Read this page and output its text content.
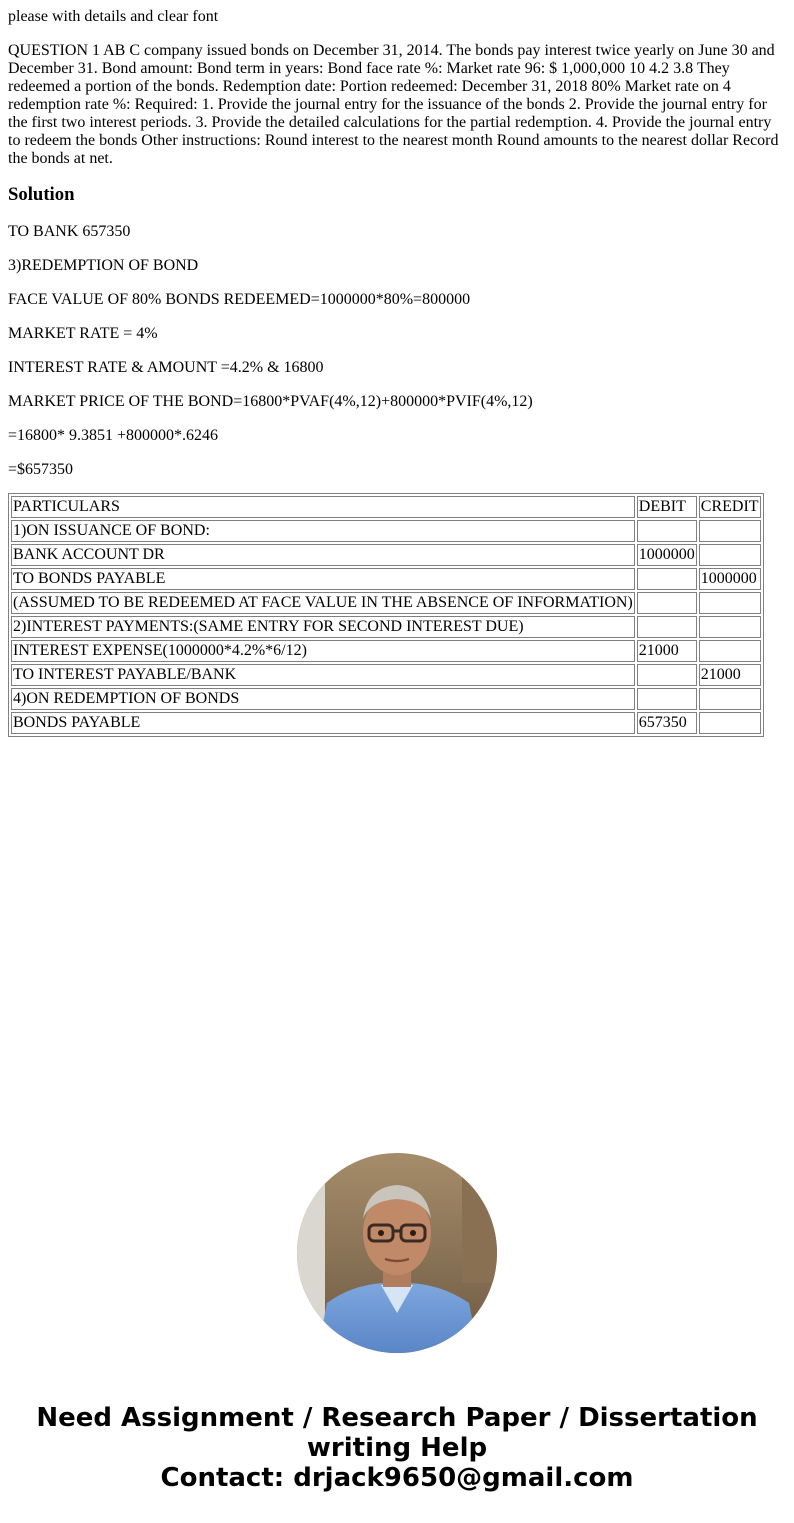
please with details and clear font

QUESTION 1 AB C company issued bonds on December 31, 2014. The bonds pay interest twice yearly on June 30 and December 31. Bond amount: Bond term in years: Bond face rate %: Market rate 96: $ 1,000,000 10 4.2 3.8 They redeemed a portion of the bonds. Redemption date: Portion redeemed: December 31, 2018 80% Market rate on 4 redemption rate %: Required: 1. Provide the journal entry for the issuance of the bonds 2. Provide the journal entry for the first two interest periods. 3. Provide the detailed calculations for the partial redemption. 4. Provide the journal entry to redeem the bonds Other instructions: Round interest to the nearest month Round amounts to the nearest dollar Record the bonds at net.

Solution

TO BANK 657350

3)REDEMPTION OF BOND

FACE VALUE OF 80% BONDS REDEEMED=1000000*80%=800000

MARKET RATE = 4%

INTEREST RATE & AMOUNT =4.2% & 16800

MARKET PRICE OF THE BOND=16800*PVAF(4%,12)+800000*PVIF(4%,12)

=16800* 9.3851 +800000*.6246

=$657350

PARTICULARS	DEBIT	CREDIT
1)ON ISSUANCE OF BOND:		
BANK ACCOUNT DR	1000000	
TO BONDS PAYABLE		1000000
(ASSUMED TO BE REDEEMED AT FACE VALUE IN THE ABSENCE OF INFORMATION)		
2)INTEREST PAYMENTS:(SAME ENTRY FOR SECOND INTEREST DUE)		
INTEREST EXPENSE(1000000*4.2%*6/12)	21000	
TO INTEREST PAYABLE/BANK		21000
4)ON REDEMPTION OF BONDS		
BONDS PAYABLE	657350	
Need Assignment / Research Paper / Dissertation
writing Help
Contact: drjack9650@gmail.com
